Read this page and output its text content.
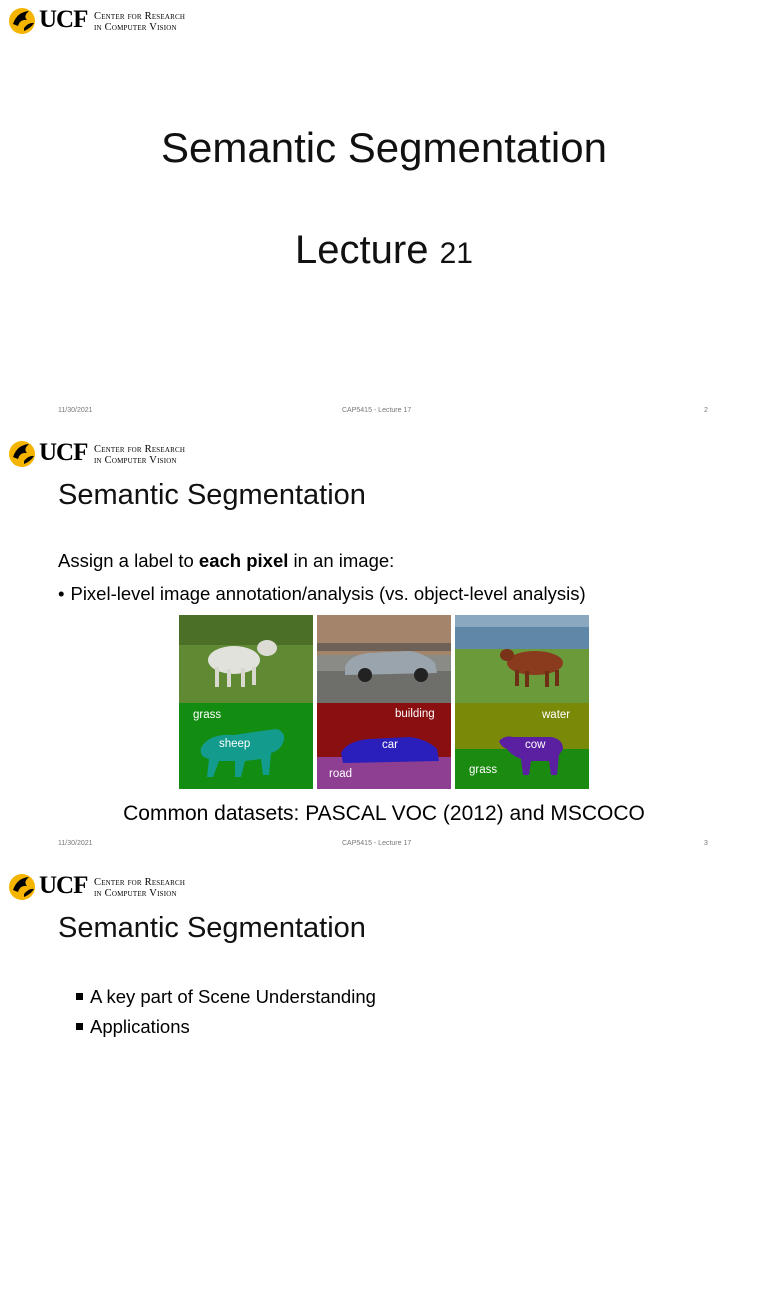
UCF Center for Research
in Computer Vision
Semantic Segmentation
Lecture 21
11/30/2021	CAP5415 - Lecture 17	2
UCF Center for Research
in Computer Vision
Semantic Segmentation
Assign a label to each pixel in an image:
• Pixel-level image annotation/analysis (vs. object-level analysis)
grass
sheep
building
car
road
water
cow
grass
Common datasets: PASCAL VOC (2012) and MSCOCO
11/30/2021	CAP5415 - Lecture 17	3
UCF Center for Research
in Computer Vision
Semantic Segmentation
A key part of Scene Understanding
Applications
